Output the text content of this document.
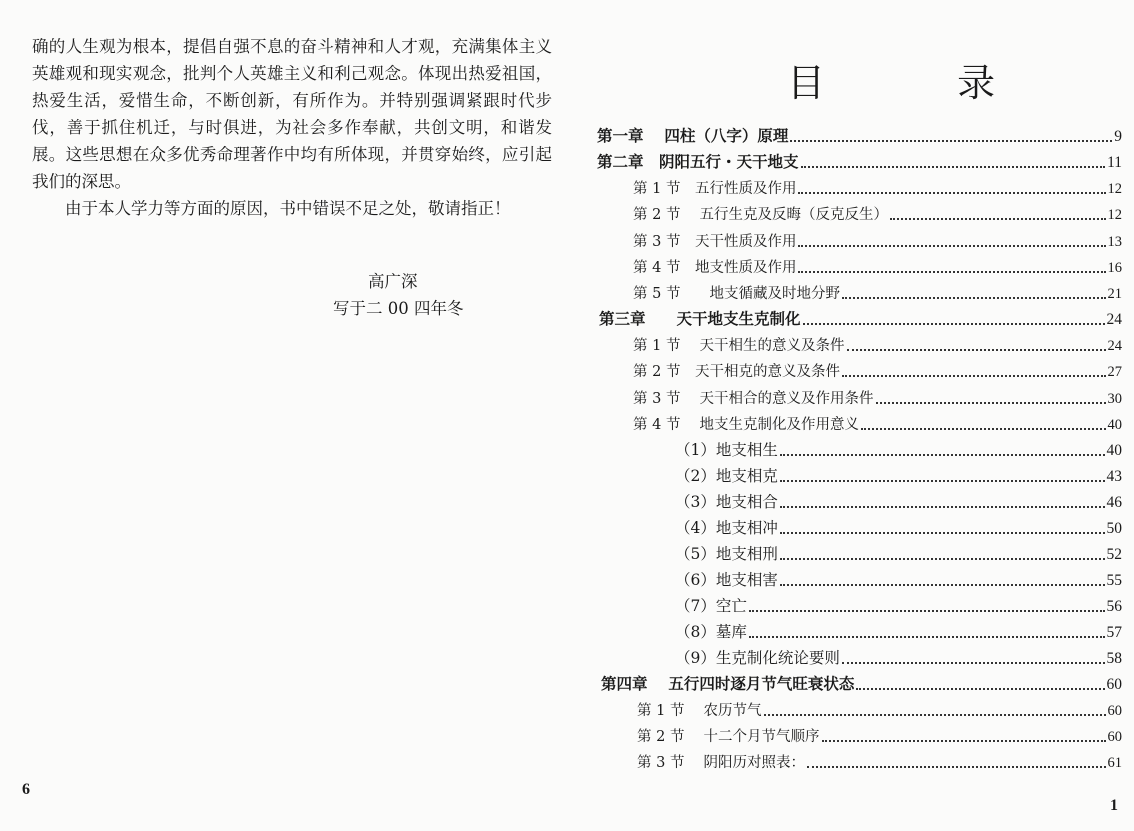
确的人生观为根本，提倡自强不息的奋斗精神和人才观，充满集体主义英雄观和现实观念，批判个人英雄主义和利己观念。体现出热爱祖国，热爱生活，爱惜生命，不断创新，有所作为。并特别强调紧跟时代步伐，善于抓住机迁，与时俱进，为社会多作奉献，共创文明，和谐发展。这些思想在众多优秀命理著作中均有所体现，并贯穿始终，应引起我们的深思。

由于本人学力等方面的原因，书中错误不足之处，敬请指正！

高广深
写于二 00 四年冬
6
目 录
1
第一章　 四柱（八字）原理	9
第二章　阴阳五行・天干地支	11
第 1 节　五行性质及作用	12
第 2 节　 五行生克及反晦（反克反生）	12
第 3 节　天干性质及作用	13
第 4 节　地支性质及作用	16
第 5 节　　地支循藏及时地分野	21
第三章　　天干地支生克制化	24
第 1 节　 天干相生的意义及条件	24
第 2 节　天干相克的意义及条件	27
第 3 节　 天干相合的意义及作用条件	30
第 4 节　 地支生克制化及作用意义	40
（1）地支相生	40
（2）地支相克	43
（3）地支相合	46
（4）地支相冲	50
（5）地支相刑	52
（6）地支相害	55
（7）空亡	56
（8）墓库	57
（9）生克制化统论要则	58
第四章　 五行四时逐月节气旺衰状态	60
第 1 节　 农历节气	60
第 2 节　 十二个月节气顺序	60
第 3 节　 阴阳历对照表：	61
